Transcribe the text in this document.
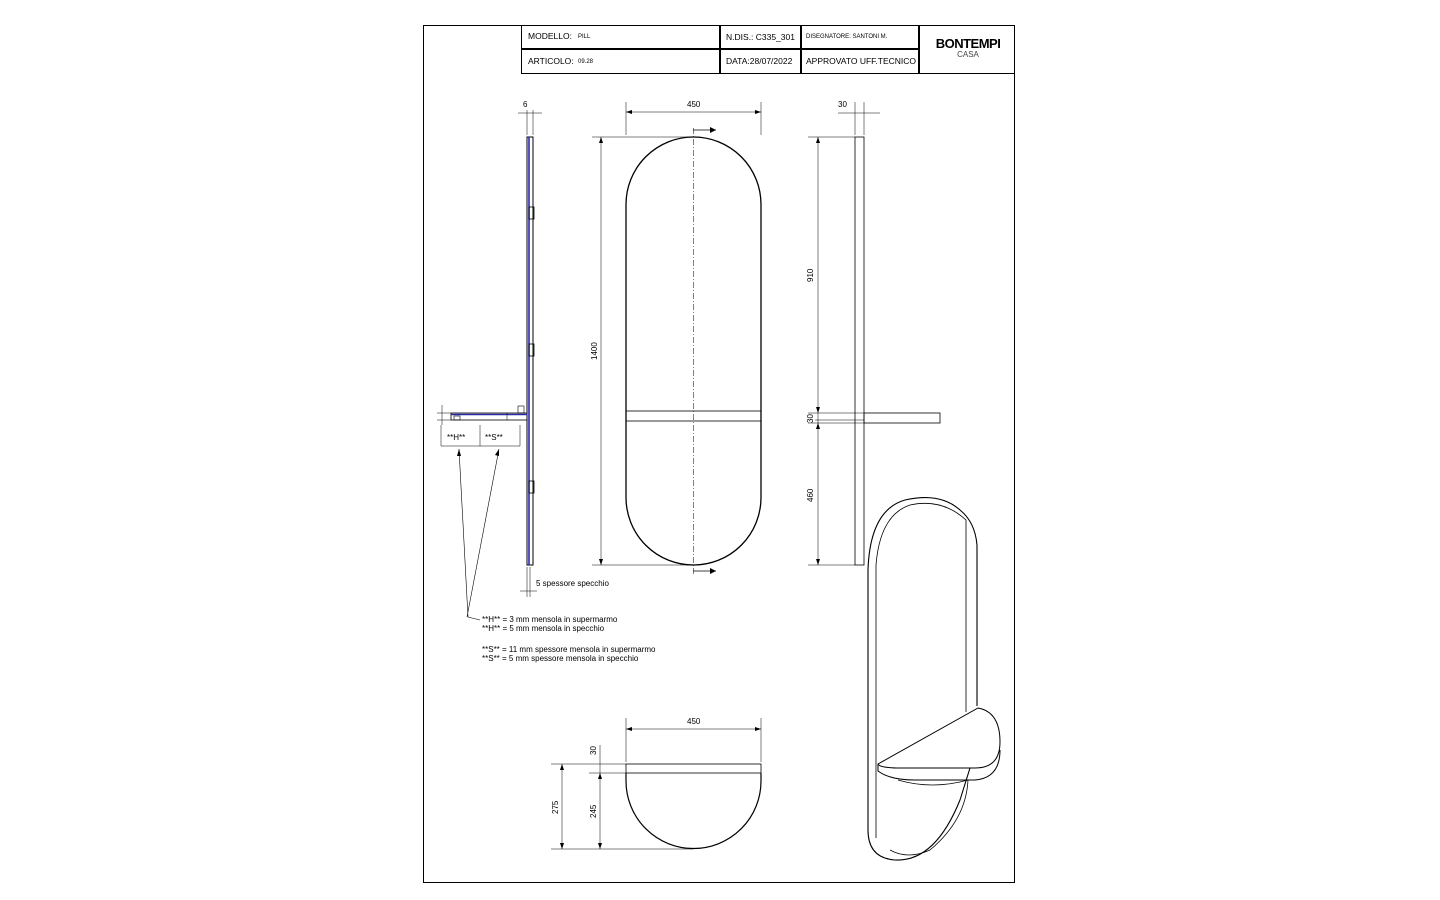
MODELLO: PILL
ARTICOLO: 09.28
N.DIS.: C335_301
DATA:28/07/2022
DISEGNATORE: SANTONI M.
APPROVATO UFF.TECNICO
BONTEMPI
CASA
6	450
1400
30
910
30
460
450
30
275	245
5 spessore specchio
**H** **S**
**H** = 3 mm mensola in supermarmo
**H** = 5 mm mensola in specchio
**S** = 11 mm spessore mensola in supermarmo
**S** = 5 mm spessore mensola in specchio
